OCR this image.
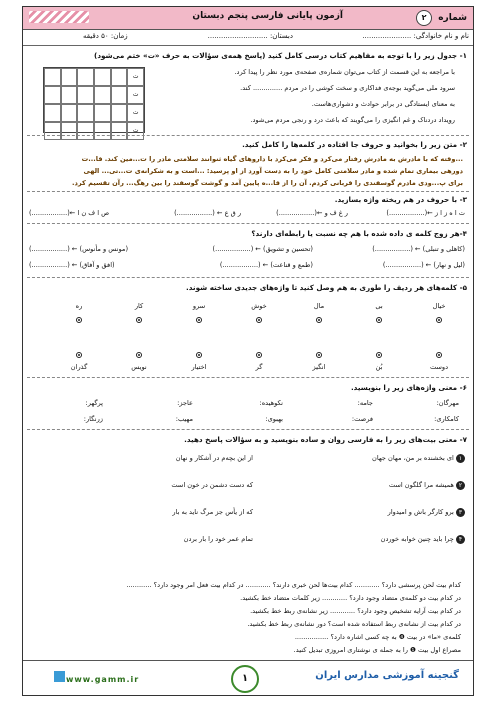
آزمون پایانی فارسی پنجم دبستان	شماره ۲
نام و نام خانوادگی: ......................
دبستان: ...........................
زمان: ۵۰ دقیقه
۱- جدول زیر را با توجه به مفاهیم کتاب درسی کامل کنید (پاسخ همه‌ی سؤالات به حرف «ت» ختم می‌شود)
با مراجعه به این قسمت از کتاب می‌توان شماره‌ی صفحه‌ی مورد نظر را پیدا کرد.
سرود ملی می‌گوید بوجه‌ی فداکاری و سخت کوشی را در مردم .............. کند.
به معنای ایستادگی در برابر حوادث و دشواری‌هاست.
رویداد دردناک و غم انگیزی را می‌گویند که باعث درد و رنجی مردم می‌شود.
ت
ت
ت
ت
۲- متن زیر را بخوانید و حروف جا افتاده در کلمه‌ها را کامل کنید.
...وقته که با مادرش به مادرش رفتار می‌کرد و فکر می‌کرد با داروهای گیاه ثنوانند سلامتی مادر را ت...مین کند. قا...ت دورهی بیماری تمام شده و مادر سلامتی کامل خود را به دست آورد از او پرسید: ...است و به شکرانه‌ی ت...تی... الهی برای پ...ودی مادرم گوسفندی را قربانی کردم. آن را از قا...ه پایین آمد و گوشت گوسفند را بین رهگ... رآن تقسیم کرد.
۳- با حروف در هم ریخته واژه بسازید.
ت ا ه ز ا ز ←(.................)
ر غ ف و ←(.................)
ر ق ع ← (.................)
ص ا ف ن ا ←(.................)
۴-هر زوج کلمه ی داده شده با هم چه نسبت یا رابطه‌ای دارند؟
(کاهلی و تنبلی) ← (.................)
(تحسین و تشویق) ← (.................)
(مونس و مأنوس) ← (.................)
(لیل و نهار) ← (.................)
(طمع و قناعت) ← (.................)
(افق و آفاق) ← (.................)
۵- کلمه‌های هر ردیف را طوری به هم وصل کنید تا واژه‌های جدیدی ساخته شوند.
خیال
بی
مال
خوش
سرو
کار
ره
دوست
بُن
انگیز
گر
اختیار
نویس
گذران
۶- معنی واژه‌های زیر را بنویسید.
مهرگان:
جامه:
نکوهیده:
عاجز:
پرگهر:
کامکاری:
فرصت:
بهبوی:
مهیب:
زرنگار:
۷- معنی بیت‌های زیر را به فارسی روان و ساده بنویسید و به سؤالات پاسخ دهید.
۱ ای بخشنده بر من، مهان جهان
از این بچه‌م در آشکار و نهان
۲ همیشه مرا گلگون است
که دست دشمن در خون است
۳ برو کارگر باش و امیدوار
که از یأس جز مرگ ناید به بار
۴ چرا باید چنین خوابه خوردن
تمام عمر خود را بار بردن
کدام بیت لحن پرسشی دارد؟ ............ کدام بیت‌ها لحن خبری دارند؟ ............ در کدام بیت فعل امر وجود دارد؟ ............
در کدام بیت دو کلمه‌ی متضاد وجود دارد؟ ............ زیر کلمات متضاد خط بکشید.
در کدام بیت آرایه تشخیص وجود دارد؟ ............ زیر نشانه‌ی ربط خط بکشید.
در کدام بیت از نشانه‌ی ربط استفاده شده است؟ دور نشانه‌ی ربط خط بکشید.
کلمه‌ی «ما» در بیت ❹ به چه کسی اشاره دارد؟ ................
مصراع اول بیت ❶ را به جمله ی نوشتاری امروزی تبدیل کنید.
www.gamm.ir	۱	گنجینه آموزشی مدارس ایران
